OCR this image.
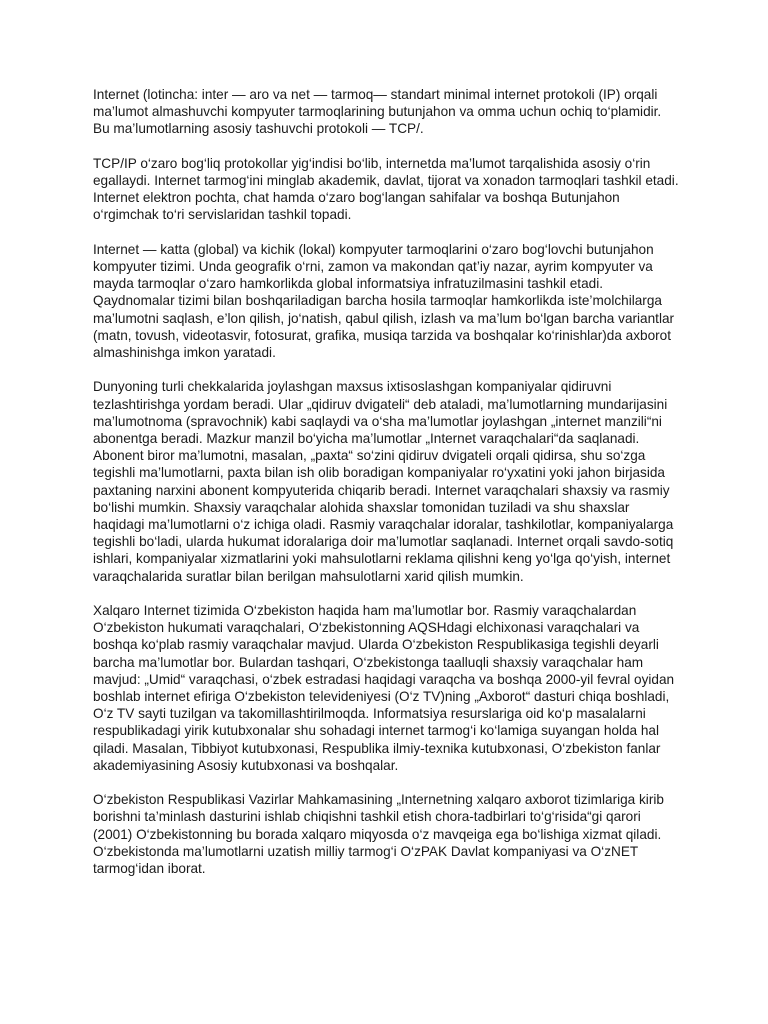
Internet (lotincha: inter — aro va net — tarmoq— standart minimal internet protokoli (IP) orqali ma’lumot almashuvchi kompyuter tarmoqlarining butunjahon va omma uchun ochiq to‘plamidir. Bu ma’lumotlarning asosiy tashuvchi protokoli — TCP/.

TCP/IP o‘zaro bog‘liq protokollar yig‘indisi bo‘lib, internetda ma’lumot tarqalishida asosiy o‘rin egallaydi. Internet tarmog‘ini minglab akademik, davlat, tijorat va xonadon tarmoqlari tashkil etadi. Internet elektron pochta, chat hamda o‘zaro bog‘langan sahifalar va boshqa Butunjahon o‘rgimchak to‘ri servislaridan tashkil topadi.

Internet — katta (global) va kichik (lokal) kompyuter tarmoqlarini o‘zaro bog‘lovchi butunjahon kompyuter tizimi. Unda geografik o‘rni, zamon va makondan qat’iy nazar, ayrim kompyuter va mayda tarmoqlar o‘zaro hamkorlikda global informatsiya infratuzilmasini tashkil etadi. Qaydnomalar tizimi bilan boshqariladigan barcha hosila tarmoqlar hamkorlikda iste’molchilarga ma’lumotni saqlash, e’lon qilish, jo‘natish, qabul qilish, izlash va ma’lum bo‘lgan barcha variantlar (matn, tovush, videotasvir, fotosurat, grafika, musiqa tarzida va boshqalar ko‘rinishlar)da axborot almashinishga imkon yaratadi.

Dunyoning turli chekkalarida joylashgan maxsus ixtisoslashgan kompaniyalar qidiruvni tezlashtirishga yordam beradi. Ular „qidiruv dvigateli“ deb ataladi, ma’lumotlarning mundarijasini ma’lumotnoma (spravochnik) kabi saqlaydi va o‘sha ma’lumotlar joylashgan „internet manzili“ni abonentga beradi. Mazkur manzil bo‘yicha ma’lumotlar „Internet varaqchalari“da saqlanadi. Abonent biror ma’lumotni, masalan, „paxta“ so‘zini qidiruv dvigateli orqali qidirsa, shu so‘zga tegishli ma’lumotlarni, paxta bilan ish olib boradigan kompaniyalar ro‘yxatini yoki jahon birjasida paxtaning narxini abonent kompyuterida chiqarib beradi. Internet varaqchalari shaxsiy va rasmiy bo‘lishi mumkin. Shaxsiy varaqchalar alohida shaxslar tomonidan tuziladi va shu shaxslar haqidagi ma’lumotlarni o‘z ichiga oladi. Rasmiy varaqchalar idoralar, tashkilotlar, kompaniyalarga tegishli bo‘ladi, ularda hukumat idoralariga doir ma’lumotlar saqlanadi. Internet orqali savdo-sotiq ishlari, kompaniyalar xizmatlarini yoki mahsulotlarni reklama qilishni keng yo‘lga qo‘yish, internet varaqchalarida suratlar bilan berilgan mahsulotlarni xarid qilish mumkin.

Xalqaro Internet tizimida O‘zbekiston haqida ham ma’lumotlar bor. Rasmiy varaqchalardan O‘zbekiston hukumati varaqchalari, O‘zbekistonning AQSHdagi elchixonasi varaqchalari va boshqa ko‘plab rasmiy varaqchalar mavjud. Ularda O‘zbekiston Respublikasiga tegishli deyarli barcha ma’lumotlar bor. Bulardan tashqari, O‘zbekistonga taalluqli shaxsiy varaqchalar ham mavjud: „Umid“ varaqchasi, o‘zbek estradasi haqidagi varaqcha va boshqa 2000-yil fevral oyidan boshlab internet efiriga O‘zbekiston televideniyesi (O‘z TV)ning „Axborot“ dasturi chiqa boshladi, O‘z TV sayti tuzilgan va takomillashtirilmoqda. Informatsiya resurslariga oid ko‘p masalalarni respublikadagi yirik kutubxonalar shu sohadagi internet tarmog‘i ko‘lamiga suyangan holda hal qiladi. Masalan, Tibbiyot kutubxonasi, Respublika ilmiy-texnika kutubxonasi, O‘zbekiston fanlar akademiyasining Asosiy kutubxonasi va boshqalar.

O‘zbekiston Respublikasi Vazirlar Mahkamasining „Internetning xalqaro axborot tizimlariga kirib borishni ta’minlash dasturini ishlab chiqishni tashkil etish chora-tadbirlari to‘g‘risida“gi qarori (2001) O‘zbekistonning bu borada xalqaro miqyosda o‘z mavqeiga ega bo‘lishiga xizmat qiladi. O‘zbekistonda ma’lumotlarni uzatish milliy tarmog‘i O‘zPAK Davlat kompaniyasi va O‘zNET tarmog‘idan iborat.
